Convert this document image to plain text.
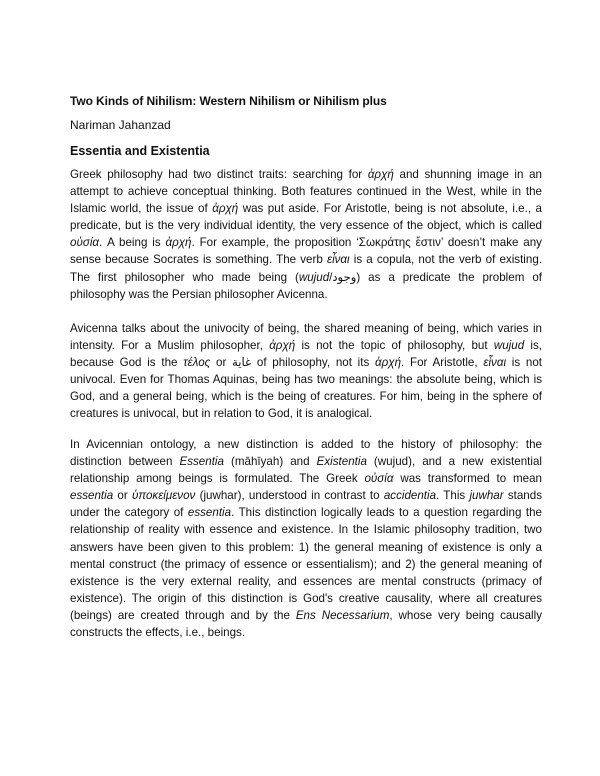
Two Kinds of Nihilism: Western Nihilism or Nihilism plus
Nariman Jahanzad
Essentia and Existentia

Greek philosophy had two distinct traits: searching for ἀρχή and shunning image in an attempt to achieve conceptual thinking. Both features continued in the West, while in the Islamic world, the issue of ἀρχή was put aside. For Aristotle, being is not absolute, i.e., a predicate, but is the very individual identity, the very essence of the object, which is called οὐσία. A being is ἀρχή. For example, the proposition ‘Σωκράτης ἔστιν’ doesn’t make any sense because Socrates is something. The verb εἶναι is a copula, not the verb of existing. The first philosopher who made being (wujud/وجود) as a predicate the problem of philosophy was the Persian philosopher Avicenna.

Avicenna talks about the univocity of being, the shared meaning of being, which varies in intensity. For a Muslim philosopher, ἀρχή is not the topic of philosophy, but wujud is, because God is the τέλος or غایة of philosophy, not its ἀρχή. For Aristotle, εἶναι is not univocal. Even for Thomas Aquinas, being has two meanings: the absolute being, which is God, and a general being, which is the being of creatures. For him, being in the sphere of creatures is univocal, but in relation to God, it is analogical.

In Avicennian ontology, a new distinction is added to the history of philosophy: the distinction between Essentia (māhīyah) and Existentia (wujud), and a new existential relationship among beings is formulated. The Greek οὐσία was transformed to mean essentia or ὑποκείμενον (juwhar), understood in contrast to accidentia. This juwhar stands under the category of essentia. This distinction logically leads to a question regarding the relationship of reality with essence and existence. In the Islamic philosophy tradition, two answers have been given to this problem: 1) the general meaning of existence is only a mental construct (the primacy of essence or essentialism); and 2) the general meaning of existence is the very external reality, and essences are mental constructs (primacy of existence). The origin of this distinction is God's creative causality, where all creatures (beings) are created through and by the Ens Necessarium, whose very being causally constructs the effects, i.e., beings.
